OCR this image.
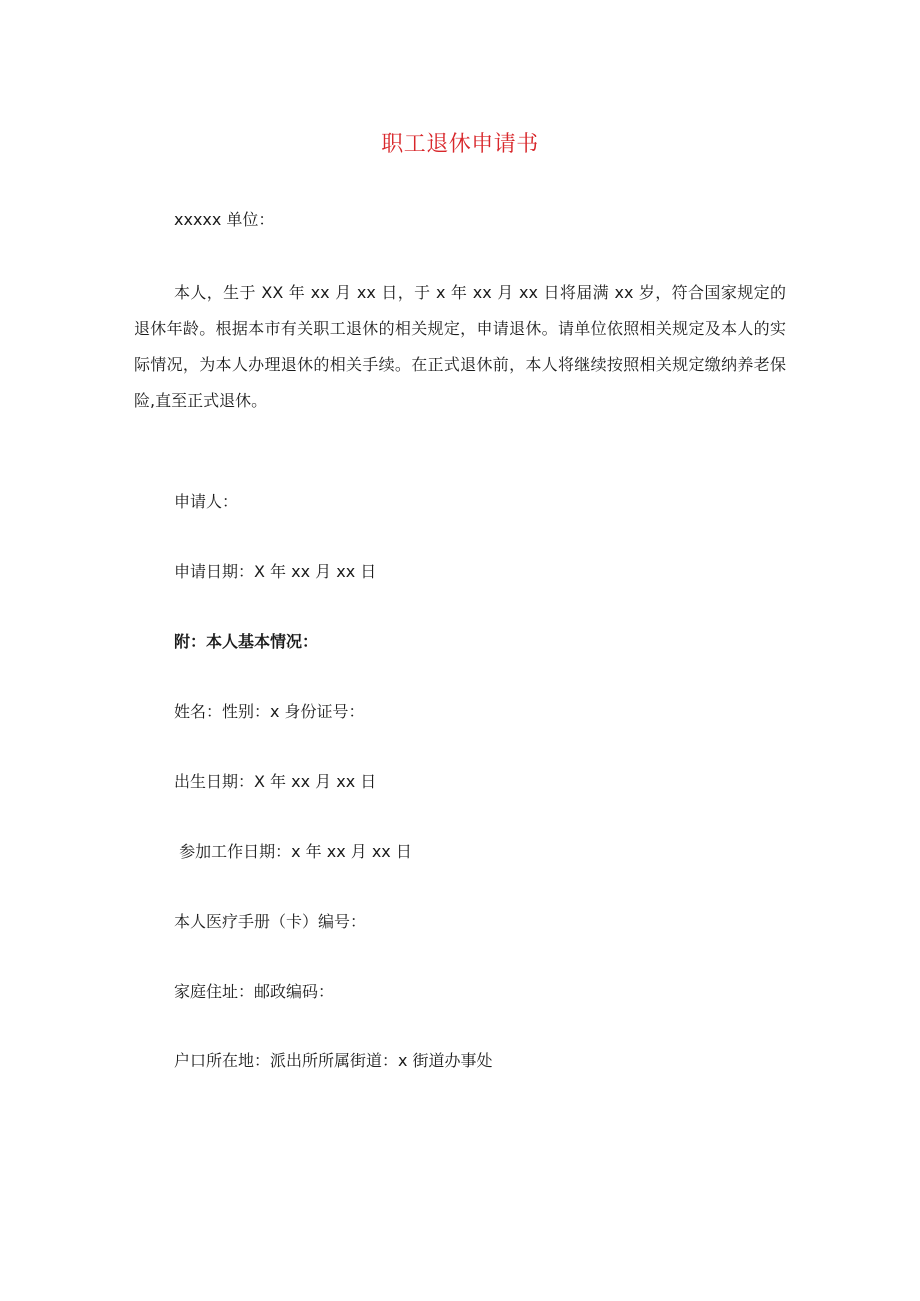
职工退休申请书
xxxxx 单位：
本人，生于 XX 年 xx 月 xx 日，于 x 年 xx 月 xx 日将届满 xx 岁，符合国家规定的退休年龄。根据本市有关职工退休的相关规定，申请退休。请单位依照相关规定及本人的实际情况，为本人办理退休的相关手续。在正式退休前，本人将继续按照相关规定缴纳养老保险,直至正式退休。
申请人：
申请日期：X 年 xx 月 xx 日
附：本人基本情况：
姓名：性别：x 身份证号：
出生日期：X 年 xx 月 xx 日
参加工作日期：x 年 xx 月 xx 日
本人医疗手册（卡）编号：
家庭住址：邮政编码：
户口所在地：派出所所属街道：x 街道办事处
